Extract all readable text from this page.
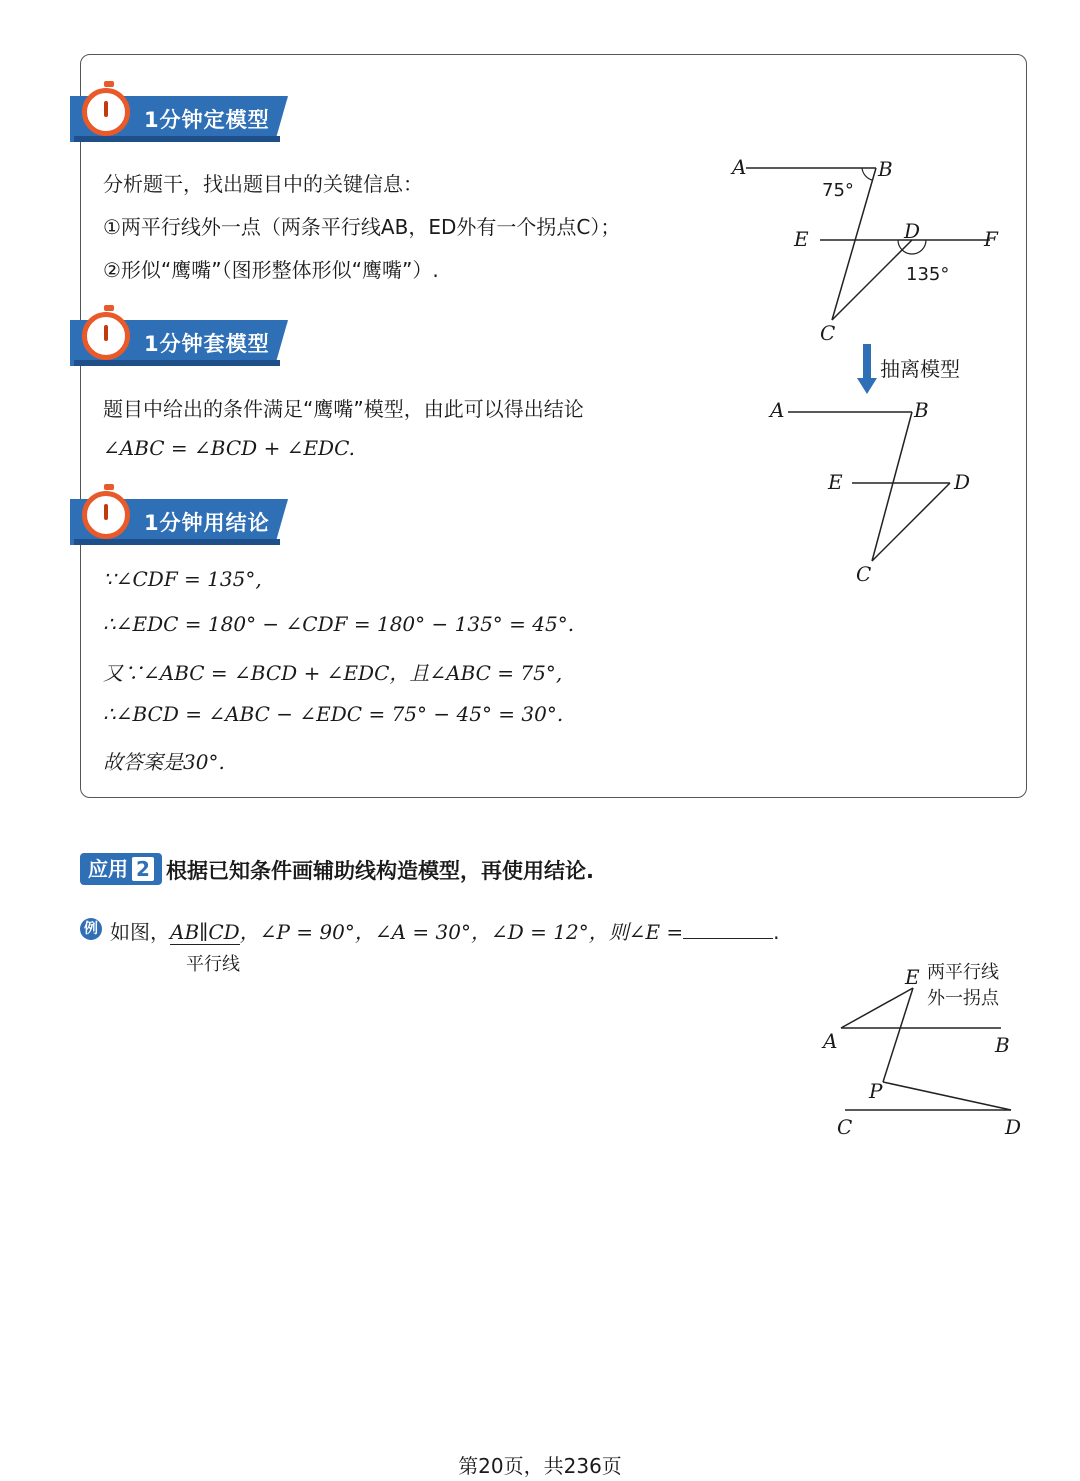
1分钟定模型
1分钟套模型
1分钟用结论
分析题干，找出题目中的关键信息：
①两平行线外一点（两条平行线AB，ED外有一个拐点C）；
②形似“鹰嘴”（图形整体形似“鹰嘴”）.
题目中给出的条件满足“鹰嘴”模型，由此可以得出结论
∠ABC = ∠BCD + ∠EDC.
∵∠CDF = 135°,
∴∠EDC = 180° − ∠CDF = 180° − 135° = 45°.
又∵∠ABC = ∠BCD + ∠EDC，且∠ABC = 75°,
∴∠BCD = ∠ABC − ∠EDC = 75° − 45° = 30°.
故答案是30°.
A	B
C
D
E	F
75°
135°
抽离模型
A	B
C
D
E
应用 2 根据已知条件画辅助线构造模型，再使用结论.
例 如图，AB∥CD，∠P = 90°，∠A = 30°，∠D = 12°，则∠E =	.
平行线
E
A	B
P
C	D
两平行线
外一拐点
第20页，共236页
